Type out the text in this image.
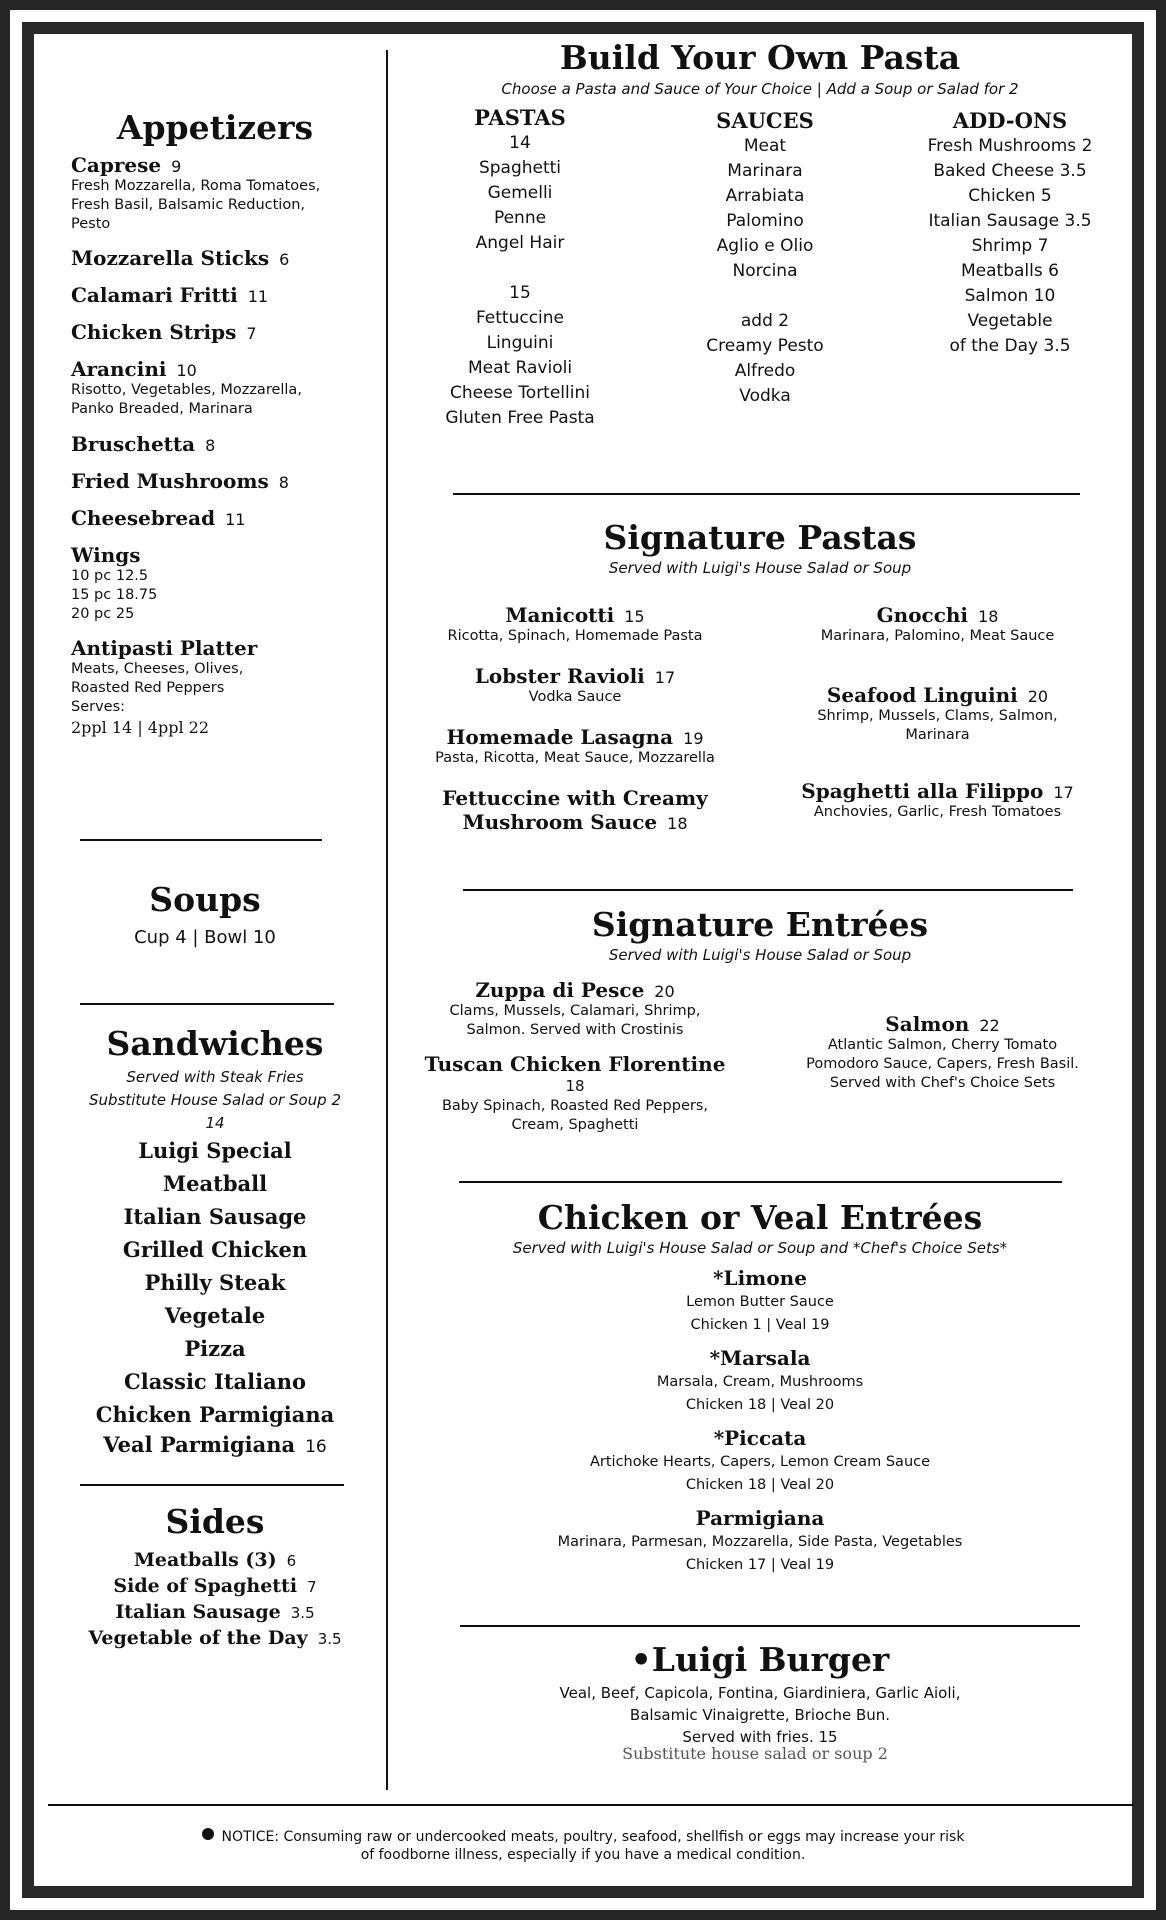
Appetizers
Caprese 9
Fresh Mozzarella, Roma Tomatoes,
Fresh Basil, Balsamic Reduction,
Pesto
Mozzarella Sticks 6
Calamari Fritti 11
Chicken Strips 7
Arancini 10
Risotto, Vegetables, Mozzarella,
Panko Breaded, Marinara
Bruschetta 8
Fried Mushrooms 8
Cheesebread 11
Wings
10 pc 12.5
15 pc 18.75
20 pc 25
Antipasti Platter
Meats, Cheeses, Olives,
Roasted Red Peppers
Serves:
2ppl 14 | 4ppl 22
Soups
Cup 4 | Bowl 10
Sandwiches
Served with Steak Fries
Substitute House Salad or Soup 2
14
Luigi Special
Meatball
Italian Sausage
Grilled Chicken
Philly Steak
Vegetale
Pizza
Classic Italiano
Chicken Parmigiana
Veal Parmigiana 16
Sides
Meatballs (3) 6
Side of Spaghetti 7
Italian Sausage 3.5
Vegetable of the Day 3.5
Build Your Own Pasta
Choose a Pasta and Sauce of Your Choice | Add a Soup or Salad for 2
PASTAS
14
Spaghetti
Gemelli
Penne
Angel Hair
15
Fettuccine
Linguini
Meat Ravioli
Cheese Tortellini
Gluten Free Pasta
SAUCES
Meat
Marinara
Arrabiata
Palomino
Aglio e Olio
Norcina
add 2
Creamy Pesto
Alfredo
Vodka
ADD-ONS
Fresh Mushrooms 2
Baked Cheese 3.5
Chicken 5
Italian Sausage 3.5
Shrimp 7
Meatballs 6
Salmon 10
Vegetable
of the Day 3.5
Signature Pastas
Served with Luigi's House Salad or Soup
Manicotti 15
Ricotta, Spinach, Homemade Pasta
Lobster Ravioli 17
Vodka Sauce
Homemade Lasagna 19
Pasta, Ricotta, Meat Sauce, Mozzarella
Fettuccine with Creamy
Mushroom Sauce 18
Gnocchi 18
Marinara, Palomino, Meat Sauce
Seafood Linguini 20
Shrimp, Mussels, Clams, Salmon,
Marinara
Spaghetti alla Filippo 17
Anchovies, Garlic, Fresh Tomatoes
Signature Entrées
Served with Luigi's House Salad or Soup
Zuppa di Pesce 20
Clams, Mussels, Calamari, Shrimp,
Salmon. Served with Crostinis
Tuscan Chicken Florentine
18
Baby Spinach, Roasted Red Peppers,
Cream, Spaghetti
Salmon 22
Atlantic Salmon, Cherry Tomato
Pomodoro Sauce, Capers, Fresh Basil.
Served with Chef's Choice Sets
Chicken or Veal Entrées
Served with Luigi's House Salad or Soup and *Chef's Choice Sets*
*Limone
Lemon Butter Sauce
Chicken 1 | Veal 19
*Marsala
Marsala, Cream, Mushrooms
Chicken 18 | Veal 20
*Piccata
Artichoke Hearts, Capers, Lemon Cream Sauce
Chicken 18 | Veal 20
Parmigiana
Marinara, Parmesan, Mozzarella, Side Pasta, Vegetables
Chicken 17 | Veal 19
•Luigi Burger
Veal, Beef, Capicola, Fontina, Giardiniera, Garlic Aioli,
Balsamic Vinaigrette, Brioche Bun.
Served with fries. 15
Substitute house salad or soup 2
NOTICE: Consuming raw or undercooked meats, poultry, seafood, shellfish or eggs may increase your risk
of foodborne illness, especially if you have a medical condition.
